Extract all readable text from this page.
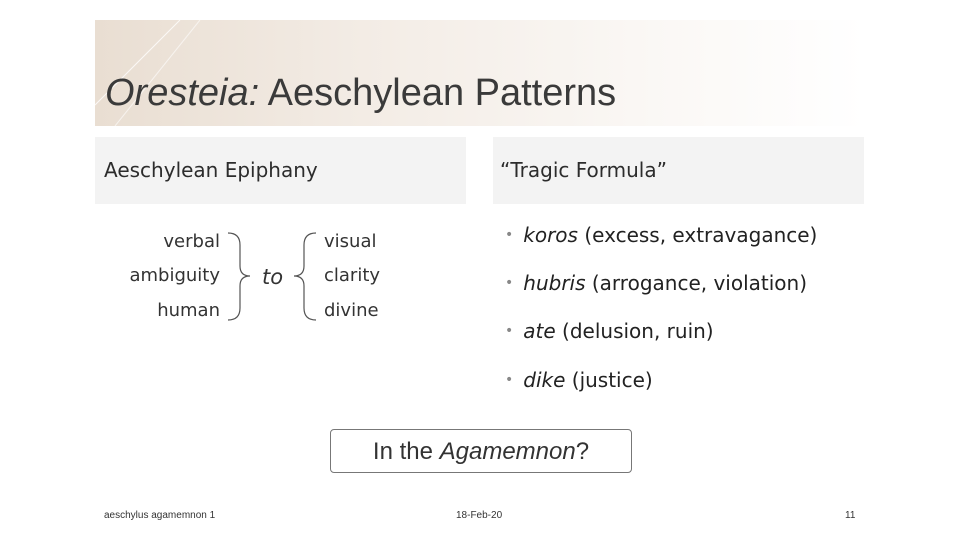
Oresteia: Aeschylean Patterns
Aeschylean Epiphany	“Tragic Formula”
verbal
ambiguity
human
to
visual
clarity
divine
• koros (excess, extravagance)
• hubris (arrogance, violation)
• ate (delusion, ruin)
• dike (justice)
In the Agamemnon?
aeschylus agamemnon 1	18-Feb-20	11
